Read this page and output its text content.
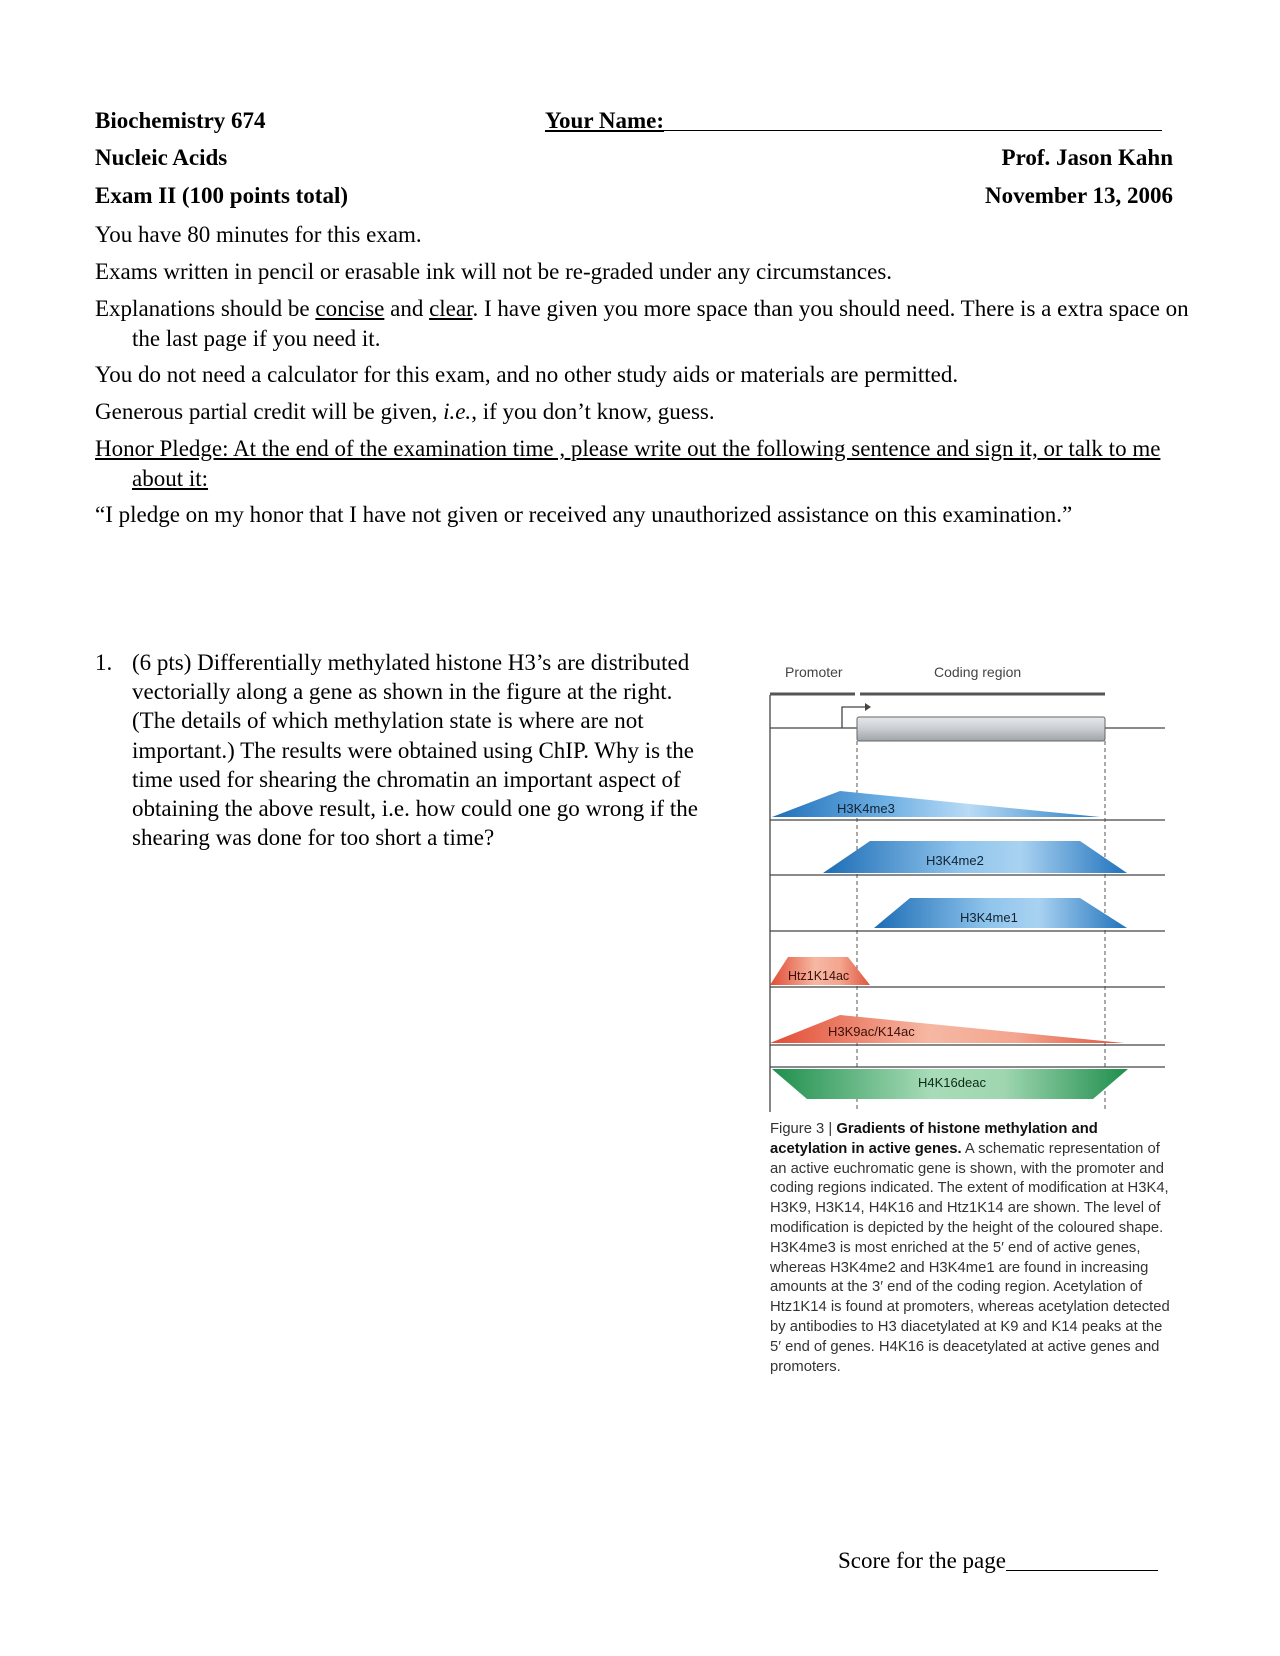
Biochemistry 674	Your Name:
Nucleic Acids	Prof. Jason Kahn
Exam II (100 points total)	November 13, 2006
You have 80 minutes for this exam.
Exams written in pencil or erasable ink will not be re-graded under any circumstances.
Explanations should be concise and clear. I have given you more space than you should need. There is a extra space on the last page if you need it.
You do not need a calculator for this exam, and no other study aids or materials are permitted.
Generous partial credit will be given, i.e., if you don’t know, guess.
Honor Pledge: At the end of the examination time , please write out the following sentence and sign it, or talk to me about it:
“I pledge on my honor that I have not given or received any unauthorized assistance on this examination.”
1. (6 pts) Differentially methylated histone H3’s are distributed vectorially along a gene as shown in the figure at the right. (The details of which methylation state is where are not important.) The results were obtained using ChIP. Why is the time used for shearing the chromatin an important aspect of obtaining the above result, i.e. how could one go wrong if the shearing was done for too short a time?
Promoter	Coding region
H3K4me3
H3K4me2
H3K4me1
Htz1K14ac
H3K9ac/K14ac
H4K16deac
Figure 3 | Gradients of histone methylation and acetylation in active genes. A schematic representation of an active euchromatic gene is shown, with the promoter and coding regions indicated. The extent of modification at H3K4, H3K9, H3K14, H4K16 and Htz1K14 are shown. The level of modification is depicted by the height of the coloured shape. H3K4me3 is most enriched at the 5′ end of active genes, whereas H3K4me2 and H3K4me1 are found in increasing amounts at the 3′ end of the coding region. Acetylation of Htz1K14 is found at promoters, whereas acetylation detected by antibodies to H3 diacetylated at K9 and K14 peaks at the 5′ end of genes. H4K16 is deacetylated at active genes and promoters.
Score for the page
